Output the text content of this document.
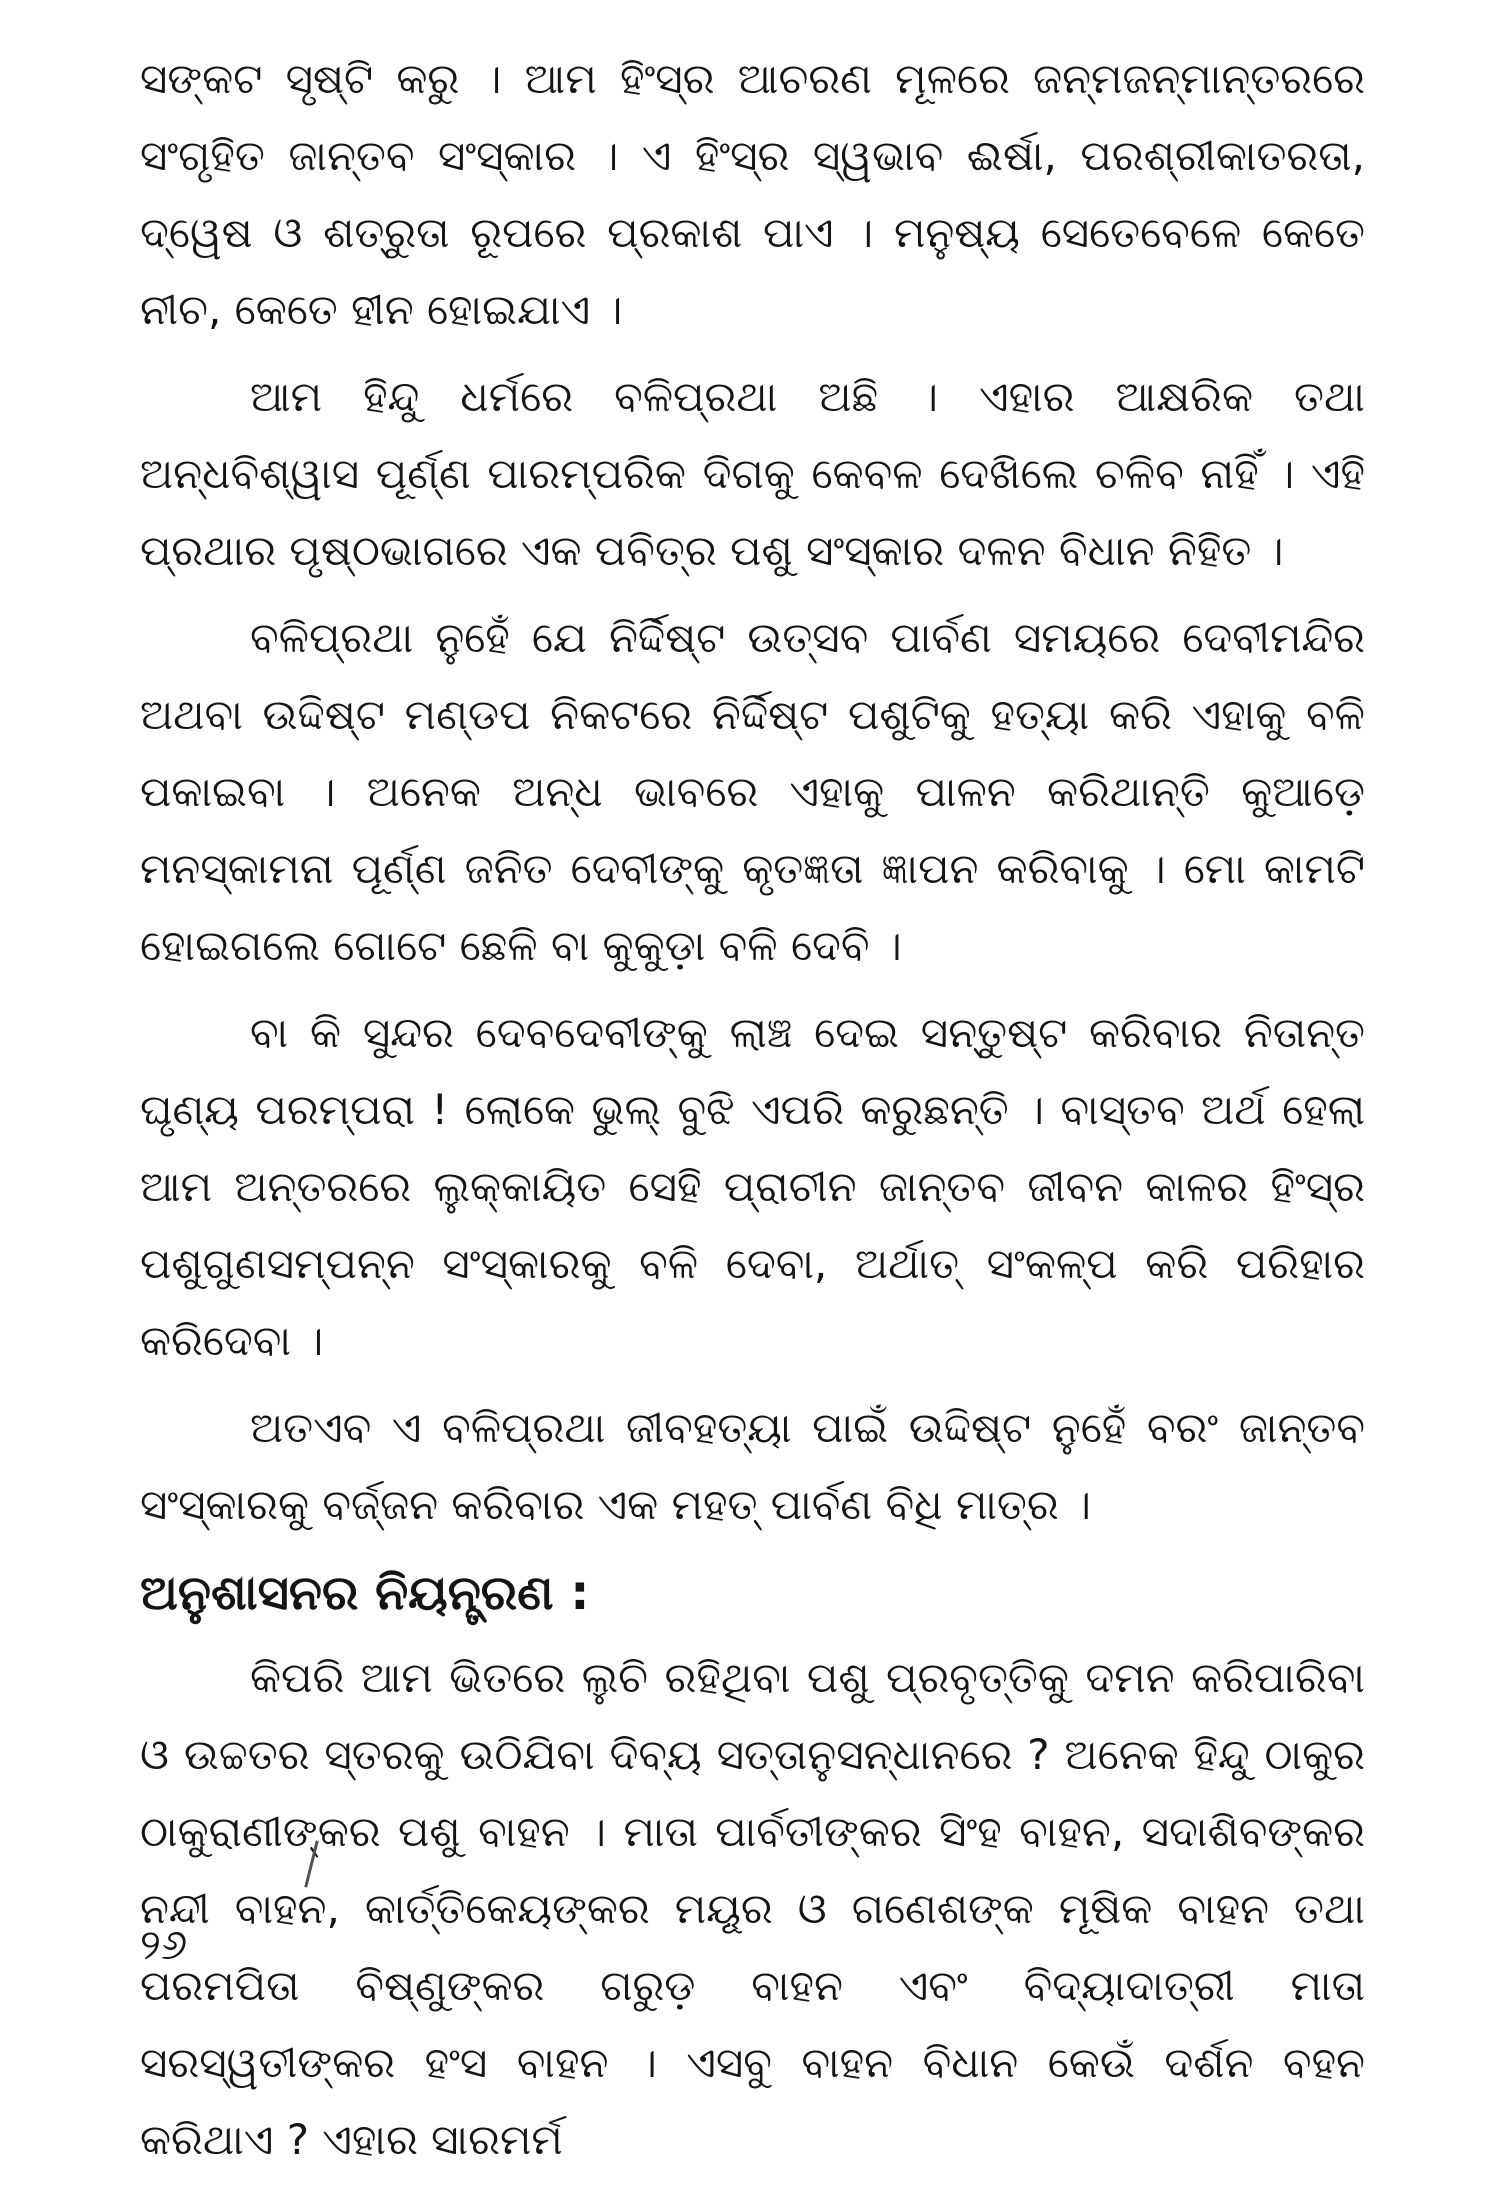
ସଙ୍କଟ ସୃଷ୍ଟି କରୁ । ଆମ ହିଂସ୍ର ଆଚରଣ ମୂଳରେ ଜନ୍ମଜନ୍ମାନ୍ତରରେ ସଂଗୃହିତ ଜାନ୍ତବ ସଂସ୍କାର । ଏ ହିଂସ୍ର ସ୍ୱଭାବ ଈର୍ଷା, ପରଶ୍ରୀକାତରତା, ଦ୍ୱେଷ ଓ ଶତ୍ରୁତା ରୂପରେ ପ୍ରକାଶ ପାଏ । ମନୁଷ୍ୟ ସେତେବେଳେ କେତେ ନୀଚ, କେତେ ହୀନ ହୋଇଯାଏ ।

ଆମ ହିନ୍ଦୁ ଧର୍ମରେ ବଳିପ୍ରଥା ଅଛି । ଏହାର ଆକ୍ଷରିକ ତଥା ଅନ୍ଧବିଶ୍ୱାସ ପୂର୍ଣ୍ଣ ପାରମ୍ପରିକ ଦିଗକୁ କେବଳ ଦେଖିଲେ ଚଳିବ ନାହିଁ । ଏହି ପ୍ରଥାର ପୃଷ୍ଠଭାଗରେ ଏକ ପବିତ୍ର ପଶୁ ସଂସ୍କାର ଦଳନ ବିଧାନ ନିହିତ ।

ବଳିପ୍ରଥା ନୁହେଁ ଯେ ନିର୍ଦ୍ଦିଷ୍ଟ ଉତ୍ସବ ପାର୍ବଣ ସମୟରେ ଦେବୀମନ୍ଦିର ଅଥବା ଉଦ୍ଦିଷ୍ଟ ମଣ୍ଡପ ନିକଟରେ ନିର୍ଦ୍ଦିଷ୍ଟ ପଶୁଟିକୁ ହତ୍ୟା କରି ଏହାକୁ ବଳି ପକାଇବା । ଅନେକ ଅନ୍ଧ ଭାବରେ ଏହାକୁ ପାଳନ କରିଥାନ୍ତି କୁଆଡ଼େ ମନସ୍କାମନା ପୂର୍ଣ୍ଣ ଜନିତ ଦେବୀଙ୍କୁ କୃତଜ୍ଞତା ଜ୍ଞାପନ କରିବାକୁ । ମୋ କାମଟି ହୋଇଗଲେ ଗୋଟେ ଛେଳି ବା କୁକୁଡ଼ା ବଳି ଦେବି ।

ବା କି ସୁନ୍ଦର ଦେବଦେବୀଙ୍କୁ ଲାଞ୍ଚ ଦେଇ ସନ୍ତୁଷ୍ଟ କରିବାର ନିତାନ୍ତ ଘୃଣ୍ୟ ପରମ୍ପରା ! ଲୋକେ ଭୁଲ୍ ବୁଝି ଏପରି କରୁଛନ୍ତି । ବାସ୍ତବ ଅର୍ଥ ହେଲା ଆମ ଅନ୍ତରରେ ଲୁକ୍କାୟିତ ସେହି ପ୍ରାଚୀନ ଜାନ୍ତବ ଜୀବନ କାଳର ହିଂସ୍ର ପଶୁଗୁଣସମ୍ପନ୍ନ ସଂସ୍କାରକୁ ବଳି ଦେବା, ଅର୍ଥାତ୍ ସଂକଳ୍ପ କରି ପରିହାର କରିଦେବା ।

ଅତଏବ ଏ ବଳିପ୍ରଥା ଜୀବହତ୍ୟା ପାଇଁ ଉଦ୍ଦିଷ୍ଟ ନୁହେଁ ବରଂ ଜାନ୍ତବ ସଂସ୍କାରକୁ ବର୍ଜ୍ଜନ କରିବାର ଏକ ମହତ୍ ପାର୍ବଣ ବିଧି ମାତ୍ର ।

ଅନୁଶାସନର ନିୟନ୍ତ୍ରଣ :

କିପରି ଆମ ଭିତରେ ଲୁଚି ରହିଥିବା ପଶୁ ପ୍ରବୃତ୍ତିକୁ ଦମନ କରିପାରିବା ଓ ଉଚ୍ଚତର ସ୍ତରକୁ ଉଠିଯିବା ଦିବ୍ୟ ସତ୍ତାନୁସନ୍ଧାନରେ ? ଅନେକ ହିନ୍ଦୁ ଠାକୁର ଠାକୁରାଣୀଙ୍କର ପଶୁ ବାହନ । ମାତା ପାର୍ବତୀଙ୍କର ସିଂହ ବାହନ, ସଦାଶିବଙ୍କର ନନ୍ଦୀ ବାହନ, କାର୍ତ୍ତିକେୟଙ୍କର ମୟୂର ଓ ଗଣେଶଙ୍କ ମୂଷିକ ବାହନ ତଥା ପରମପିତା ବିଷ୍ଣୁଙ୍କର ଗରୁଡ଼ ବାହନ ଏବଂ ବିଦ୍ୟାଦାତ୍ରୀ ମାତା ସରସ୍ୱତୀଙ୍କର ହଂସ ବାହନ । ଏସବୁ ବାହନ ବିଧାନ କେଉଁ ଦର୍ଶନ ବହନ କରିଥାଏ ? ଏହାର ସାରମର୍ମ

୨୬
